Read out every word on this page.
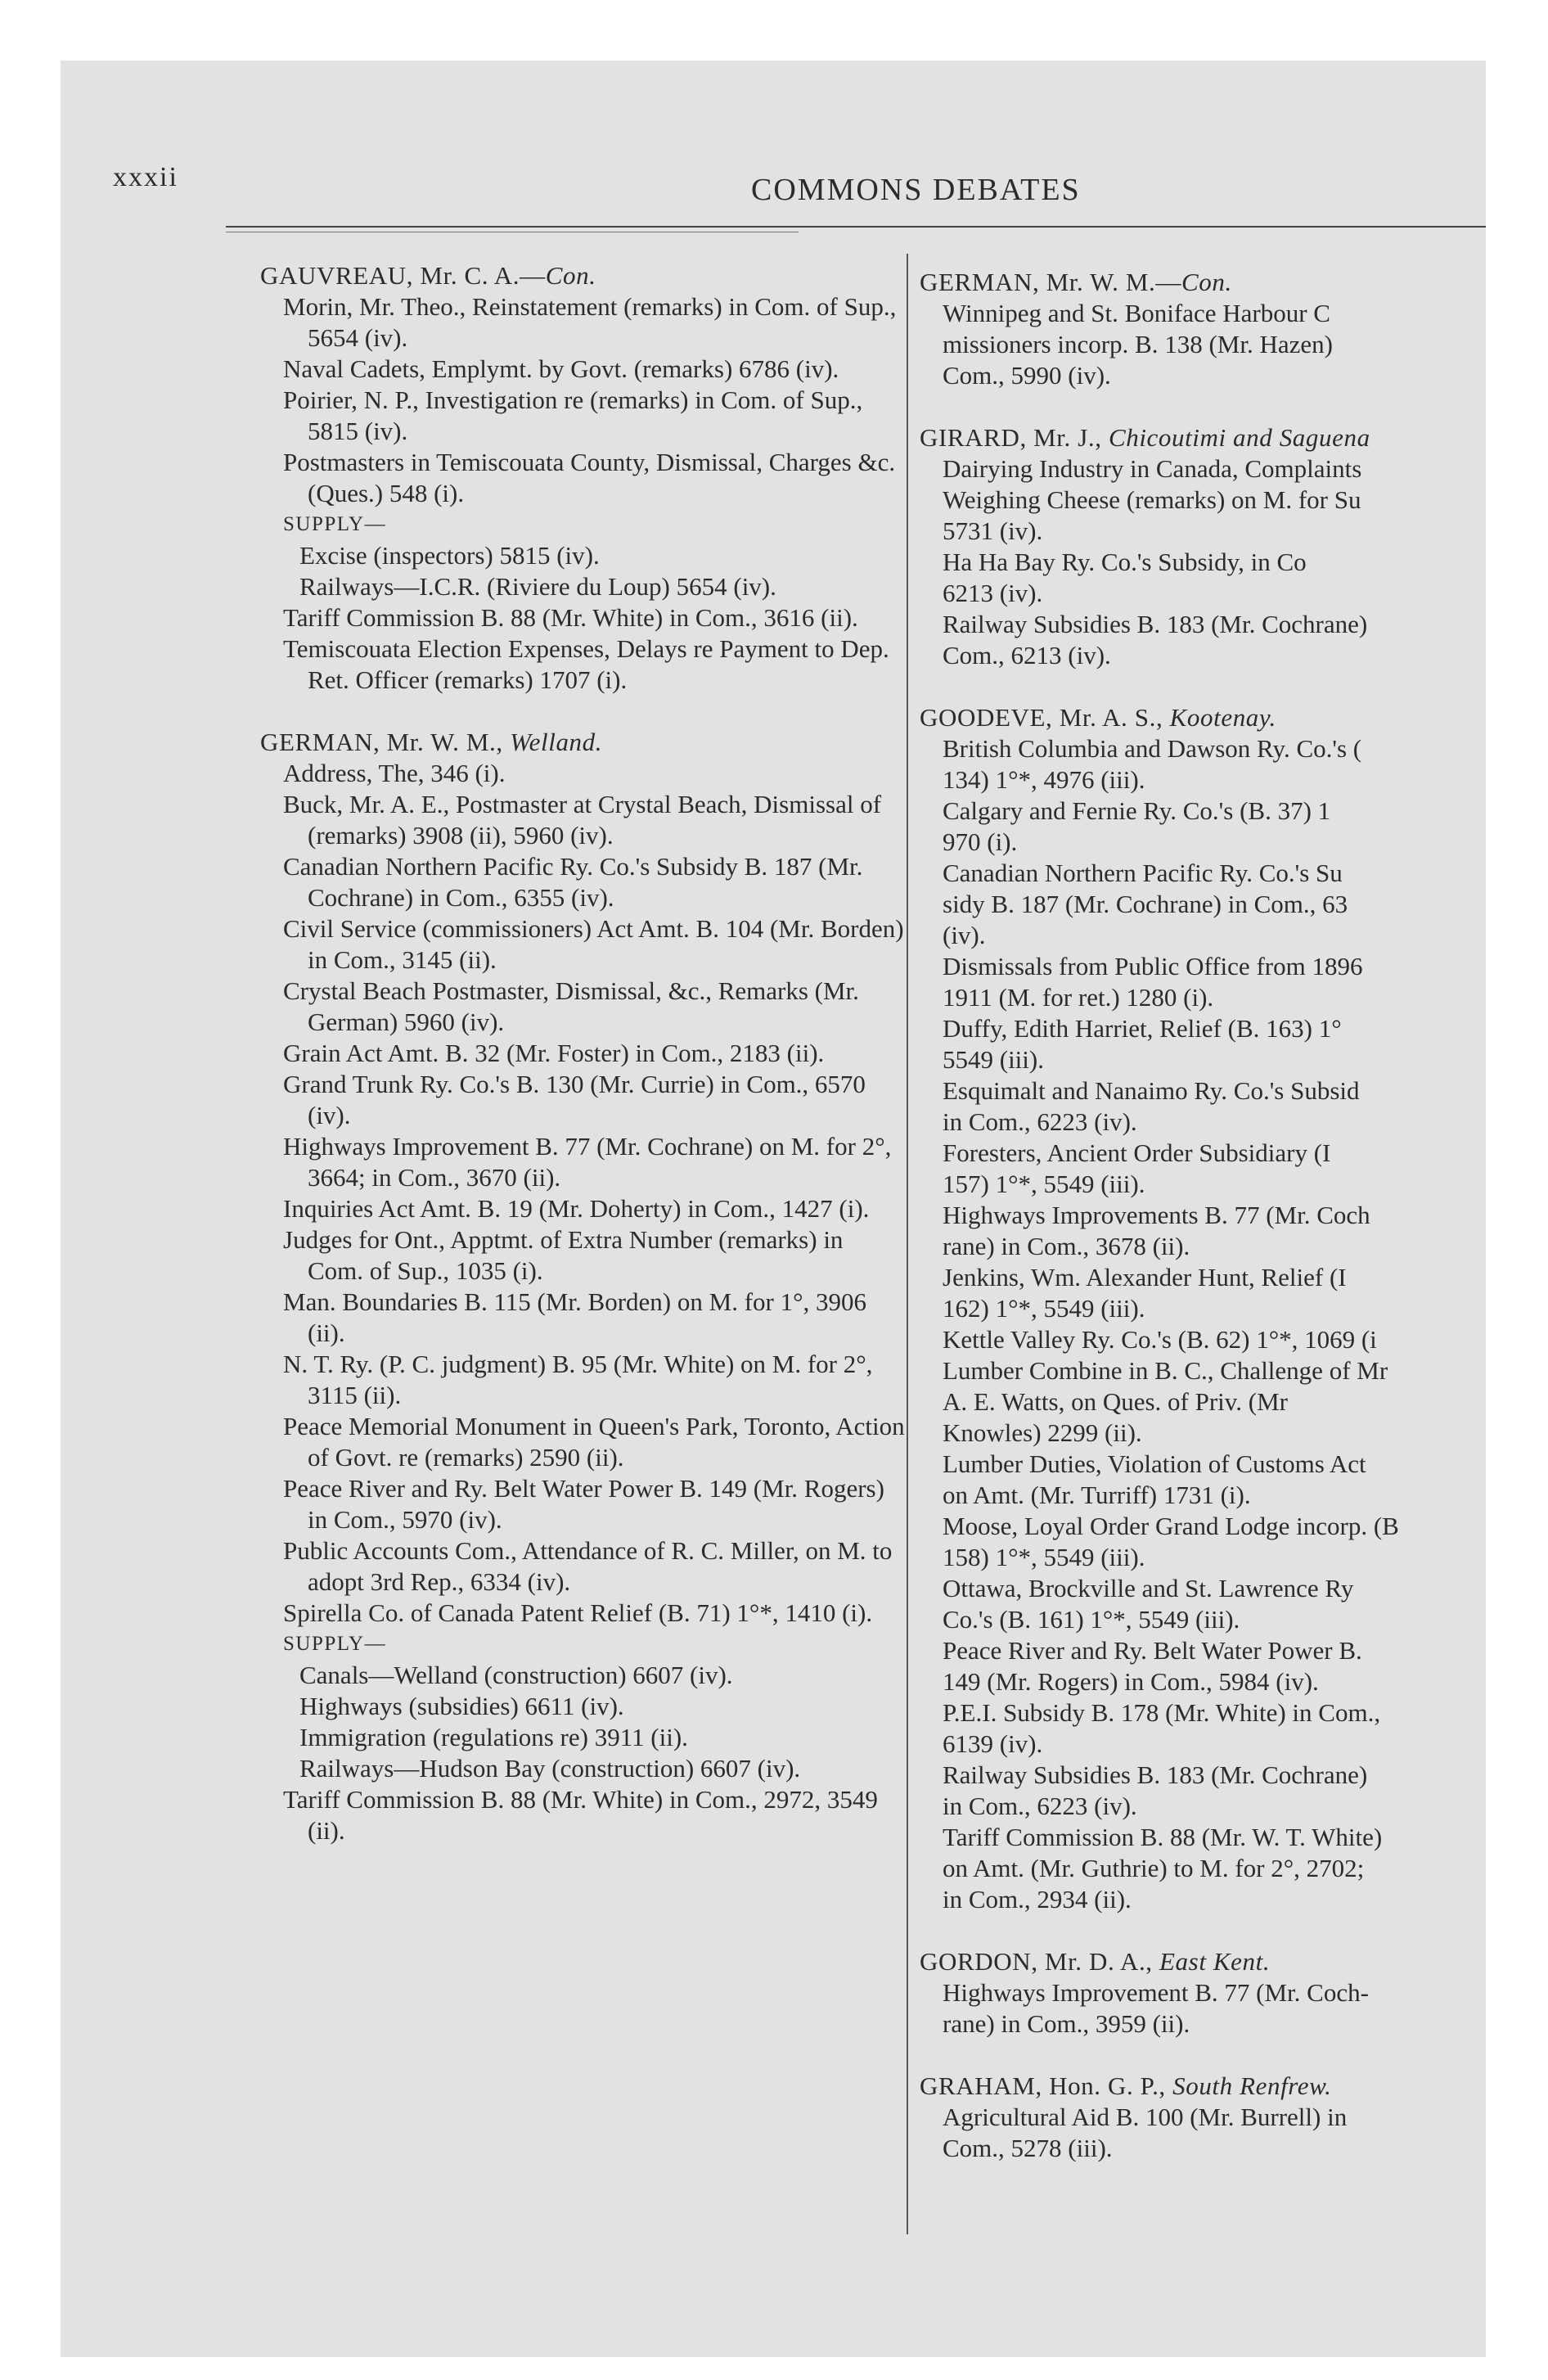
xxxii	COMMONS DEBATES
GAUVREAU, Mr. C. A.—Con.
Morin, Mr. Theo., Reinstatement (remarks) in Com. of Sup., 5654 (iv).
Naval Cadets, Emplymt. by Govt. (remarks) 6786 (iv).
Poirier, N. P., Investigation re (remarks) in Com. of Sup., 5815 (iv).
Postmasters in Temiscouata County, Dismissal, Charges &c. (Ques.) 548 (i).
SUPPLY—
Excise (inspectors) 5815 (iv).
Railways—I.C.R. (Riviere du Loup) 5654 (iv).
Tariff Commission B. 88 (Mr. White) in Com., 3616 (ii).
Temiscouata Election Expenses, Delays re Payment to Dep. Ret. Officer (remarks) 1707 (i).
GERMAN, Mr. W. M., Welland.
Address, The, 346 (i).
Buck, Mr. A. E., Postmaster at Crystal Beach, Dismissal of (remarks) 3908 (ii), 5960 (iv).
Canadian Northern Pacific Ry. Co.'s Subsidy B. 187 (Mr. Cochrane) in Com., 6355 (iv).
Civil Service (commissioners) Act Amt. B. 104 (Mr. Borden) in Com., 3145 (ii).
Crystal Beach Postmaster, Dismissal, &c., Remarks (Mr. German) 5960 (iv).
Grain Act Amt. B. 32 (Mr. Foster) in Com., 2183 (ii).
Grand Trunk Ry. Co.'s B. 130 (Mr. Currie) in Com., 6570 (iv).
Highways Improvement B. 77 (Mr. Cochrane) on M. for 2°, 3664; in Com., 3670 (ii).
Inquiries Act Amt. B. 19 (Mr. Doherty) in Com., 1427 (i).
Judges for Ont., Apptmt. of Extra Number (remarks) in Com. of Sup., 1035 (i).
Man. Boundaries B. 115 (Mr. Borden) on M. for 1°, 3906 (ii).
N. T. Ry. (P. C. judgment) B. 95 (Mr. White) on M. for 2°, 3115 (ii).
Peace Memorial Monument in Queen's Park, Toronto, Action of Govt. re (remarks) 2590 (ii).
Peace River and Ry. Belt Water Power B. 149 (Mr. Rogers) in Com., 5970 (iv).
Public Accounts Com., Attendance of R. C. Miller, on M. to adopt 3rd Rep., 6334 (iv).
Spirella Co. of Canada Patent Relief (B. 71) 1°*, 1410 (i).
SUPPLY—
Canals—Welland (construction) 6607 (iv).
Highways (subsidies) 6611 (iv).
Immigration (regulations re) 3911 (ii).
Railways—Hudson Bay (construction) 6607 (iv).
Tariff Commission B. 88 (Mr. White) in Com., 2972, 3549 (ii).
GERMAN, Mr. W. M.—Con.
Winnipeg and St. Boniface Harbour C
missioners incorp. B. 138 (Mr. Hazen)
Com., 5990 (iv).
GIRARD, Mr. J., Chicoutimi and Saguena
Dairying Industry in Canada, Complaints
Weighing Cheese (remarks) on M. for Su
5731 (iv).
Ha Ha Bay Ry. Co.'s Subsidy, in Co
6213 (iv).
Railway Subsidies B. 183 (Mr. Cochrane)
Com., 6213 (iv).
GOODEVE, Mr. A. S., Kootenay.
British Columbia and Dawson Ry. Co.'s (
134) 1°*, 4976 (iii).
Calgary and Fernie Ry. Co.'s (B. 37) 1
970 (i).
Canadian Northern Pacific Ry. Co.'s Su
sidy B. 187 (Mr. Cochrane) in Com., 63
(iv).
Dismissals from Public Office from 1896
1911 (M. for ret.) 1280 (i).
Duffy, Edith Harriet, Relief (B. 163) 1°
5549 (iii).
Esquimalt and Nanaimo Ry. Co.'s Subsid
in Com., 6223 (iv).
Foresters, Ancient Order Subsidiary (I
157) 1°*, 5549 (iii).
Highways Improvements B. 77 (Mr. Coch
rane) in Com., 3678 (ii).
Jenkins, Wm. Alexander Hunt, Relief (I
162) 1°*, 5549 (iii).
Kettle Valley Ry. Co.'s (B. 62) 1°*, 1069 (i
Lumber Combine in B. C., Challenge of Mr
A. E. Watts, on Ques. of Priv. (Mr
Knowles) 2299 (ii).
Lumber Duties, Violation of Customs Act
on Amt. (Mr. Turriff) 1731 (i).
Moose, Loyal Order Grand Lodge incorp. (B
158) 1°*, 5549 (iii).
Ottawa, Brockville and St. Lawrence Ry
Co.'s (B. 161) 1°*, 5549 (iii).
Peace River and Ry. Belt Water Power B.
149 (Mr. Rogers) in Com., 5984 (iv).
P.E.I. Subsidy B. 178 (Mr. White) in Com.,
6139 (iv).
Railway Subsidies B. 183 (Mr. Cochrane)
in Com., 6223 (iv).
Tariff Commission B. 88 (Mr. W. T. White)
on Amt. (Mr. Guthrie) to M. for 2°, 2702;
in Com., 2934 (ii).
GORDON, Mr. D. A., East Kent.
Highways Improvement B. 77 (Mr. Coch-
rane) in Com., 3959 (ii).
GRAHAM, Hon. G. P., South Renfrew.
Agricultural Aid B. 100 (Mr. Burrell) in
Com., 5278 (iii).
